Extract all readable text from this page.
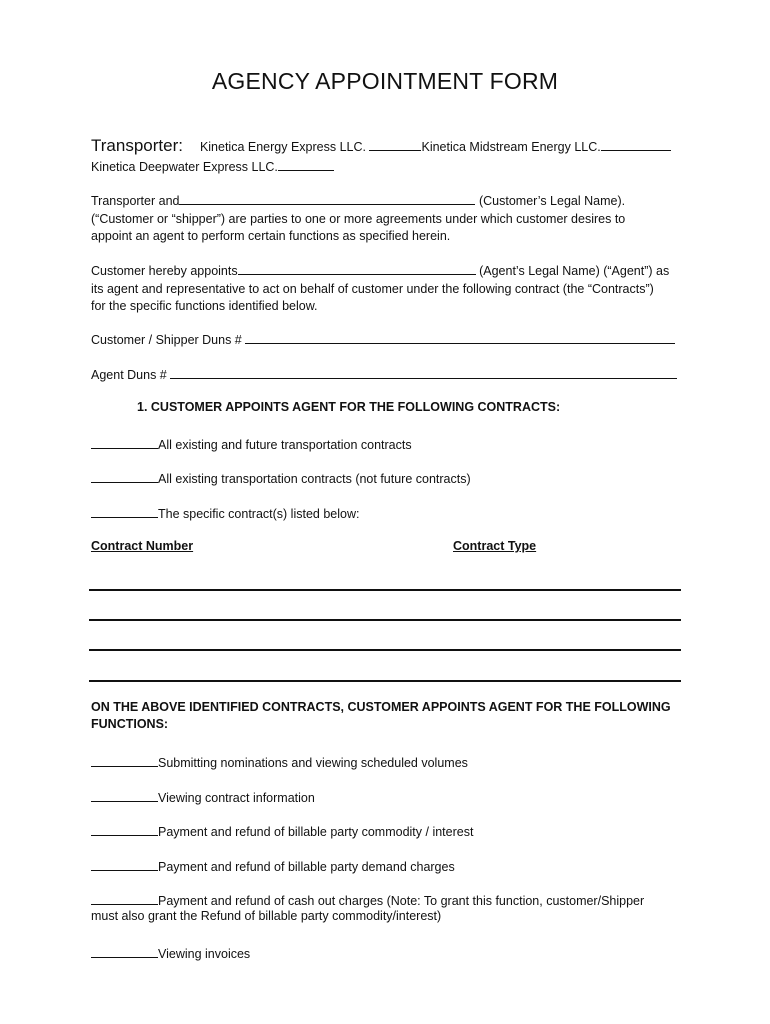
AGENCY APPOINTMENT FORM
Transporter: Kinetica Energy Express LLC.	Kinetica Midstream Energy LLC.
Kinetica Deepwater Express LLC.
Transporter and	(Customer’s Legal Name).
(“Customer or “shipper”) are parties to one or more agreements under which customer desires to
appoint an agent to perform certain functions as specified herein.
Customer hereby appoints	(Agent’s Legal Name) (“Agent”) as
its agent and representative to act on behalf of customer under the following contract (the “Contracts”)
for the specific functions identified below.
Customer / Shipper Duns #
Agent Duns #
1. CUSTOMER APPOINTS AGENT FOR THE FOLLOWING CONTRACTS:
All existing and future transportation contracts
All existing transportation contracts (not future contracts)
The specific contract(s) listed below:
Contract Number	Contract Type
ON THE ABOVE IDENTIFIED CONTRACTS, CUSTOMER APPOINTS AGENT FOR THE FOLLOWING
FUNCTIONS:
Submitting nominations and viewing scheduled volumes
Viewing contract information
Payment and refund of billable party commodity / interest
Payment and refund of billable party demand charges
Payment and refund of cash out charges (Note: To grant this function, customer/Shipper
must also grant the Refund of billable party commodity/interest)
Viewing invoices
